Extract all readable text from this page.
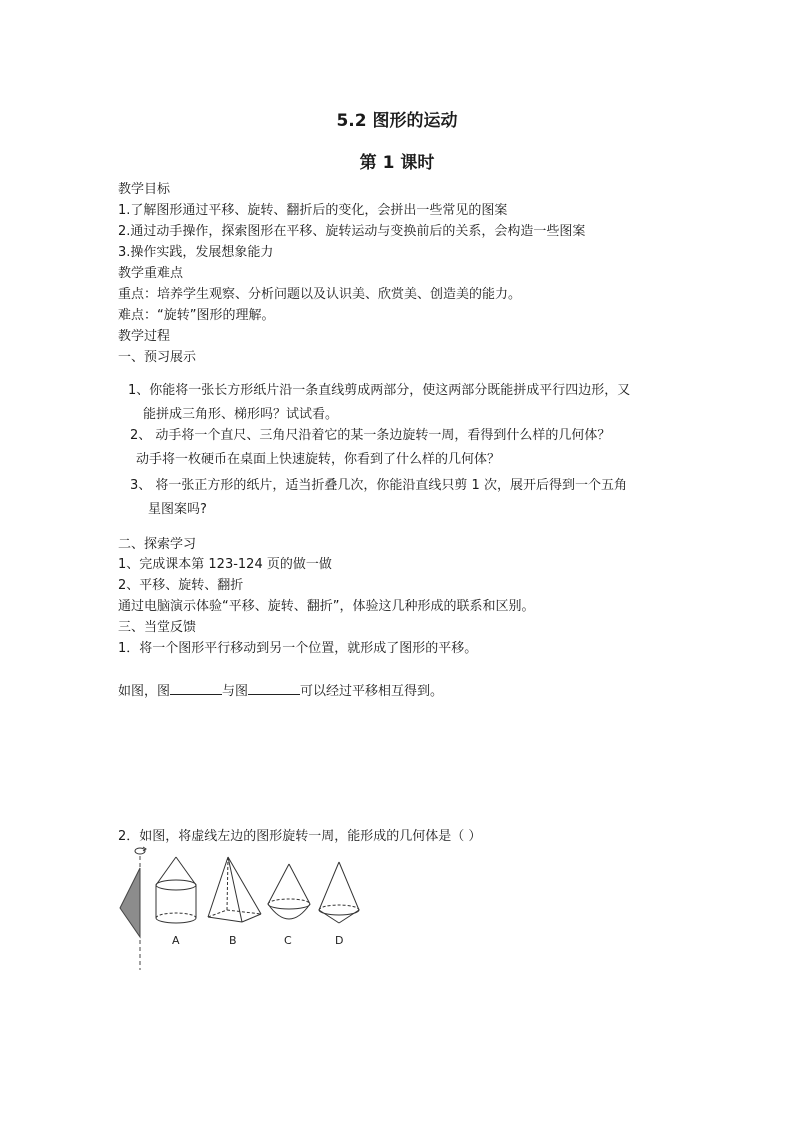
5.2 图形的运动
第 1 课时
教学目标
1.了解图形通过平移、旋转、翻折后的变化，会拼出一些常见的图案
2.通过动手操作，探索图形在平移、旋转运动与变换前后的关系，会构造一些图案
3.操作实践，发展想象能力
教学重难点
重点：培养学生观察、分析问题以及认识美、欣赏美、创造美的能力。
难点：“旋转”图形的理解。
教学过程
一、预习展示
1、你能将一张长方形纸片沿一条直线剪成两部分，使这两部分既能拼成平行四边形，又
能拼成三角形、梯形吗？试试看。
2、 动手将一个直尺、三角尺沿着它的某一条边旋转一周，看得到什么样的几何体？
动手将一枚硬币在桌面上快速旋转，你看到了什么样的几何体？
3、 将一张正方形的纸片，适当折叠几次，你能沿直线只剪 1 次，展开后得到一个五角
星图案吗?
二、探索学习
1、完成课本第 123-124 页的做一做
2、平移、旋转、翻折
通过电脑演示体验“平移、旋转、翻折”，体验这几种形成的联系和区别。
三、当堂反馈
1．将一个图形平行移动到另一个位置，就形成了图形的平移。
如图，图	与图	可以经过平移相互得到。
2．如图，将虚线左边的图形旋转一周，能形成的几何体是（ ）
A	B	C	D
